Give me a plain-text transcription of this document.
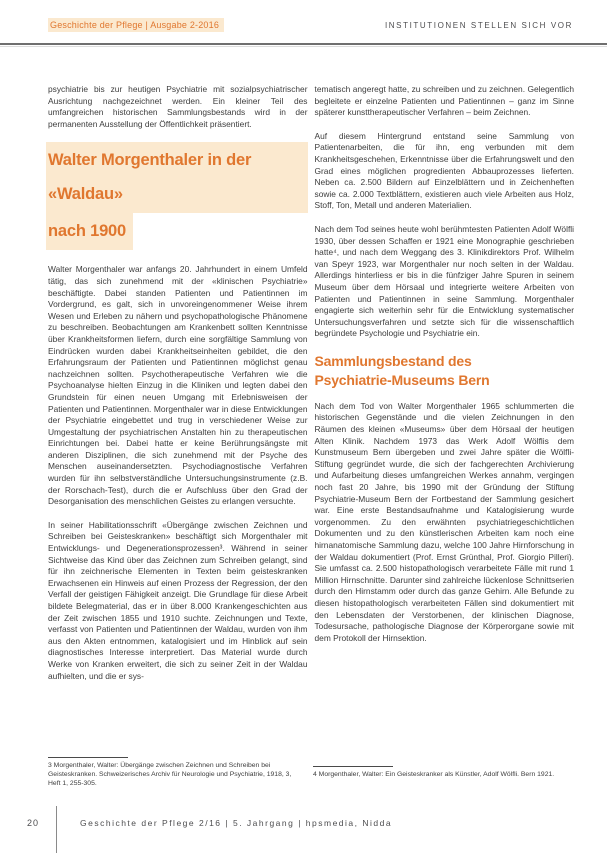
Geschichte der Pflege | Ausgabe 2-2016	INSTITUTIONEN STELLEN SICH VOR

psychiatrie bis zur heutigen Psychiatrie mit sozialpsychiatrischer Ausrichtung nachgezeichnet werden. Ein kleiner Teil des umfangreichen historischen Sammlungsbestands wird in der permanenten Ausstellung der Öffentlichkeit präsentiert.

Walter Morgenthaler in der «Waldau»
nach 1900

Walter Morgenthaler war anfangs 20. Jahrhundert in einem Umfeld tätig, das sich zunehmend mit der «klinischen Psychiatrie» beschäftigte. Dabei standen Patienten und Patientinnen im Vordergrund, es galt, sich in unvoreingenommener Weise ihrem Wesen und Erleben zu nähern und psychopathologische Phänomene zu beschreiben. Beobachtungen am Krankenbett sollten Kenntnisse über Krankheitsformen liefern, durch eine sorgfältige Sammlung von Eindrücken wurden dabei Krankheitseinheiten gebildet, die den Erfahrungsraum der Patienten und Patientinnen möglichst genau nachzeichnen sollten. Psychotherapeutische Verfahren wie die Psychoanalyse hielten Einzug in die Kliniken und legten dabei den Grundstein für einen neuen Umgang mit Erlebnisweisen der Patienten und Patientinnen. Morgenthaler war in diese Entwicklungen der Psychiatrie eingebettet und trug in verschiedener Weise zur Umgestaltung der psychiatrischen Anstalten hin zu therapeutischen Einrichtungen bei. Dabei hatte er keine Berührungsängste mit anderen Disziplinen, die sich zunehmend mit der Psyche des Menschen auseinandersetzten. Psychodiagnostische Verfahren wurden für ihn selbstverständliche Untersuchungsinstrumente (z.B. der Rorschach-Test), durch die er Aufschluss über den Grad der Desorganisation des menschlichen Geistes zu erlangen versuchte.

In seiner Habilitationsschrift «Übergänge zwischen Zeichnen und Schreiben bei Geisteskranken» beschäftigt sich Morgenthaler mit Entwicklungs- und Degenerationsprozessen³. Während in seiner Sichtweise das Kind über das Zeichnen zum Schreiben gelangt, sind für ihn zeichnerische Elementen in Texten beim geisteskranken Erwachsenen ein Hinweis auf einen Prozess der Regression, der den Verfall der geistigen Fähigkeit anzeigt. Die Grundlage für diese Arbeit bildete Belegmaterial, das er in über 8.000 Krankengeschichten aus der Zeit zwischen 1855 und 1910 suchte. Zeichnungen und Texte, verfasst von Patienten und Patientinnen der Waldau, wurden von ihm aus den Akten entnommen, katalogisiert und im Hinblick auf sein diagnostisches Interesse interpretiert. Das Material wurde durch Werke von Kranken erweitert, die sich zu seiner Zeit in der Waldau aufhielten, und die er sys-

tematisch angeregt hatte, zu schreiben und zu zeichnen. Gelegentlich begleitete er einzelne Patienten und Patientinnen – ganz im Sinne späterer kunsttherapeutischer Verfahren – beim Zeichnen.

Auf diesem Hintergrund entstand seine Sammlung von Patientenarbeiten, die für ihn, eng verbunden mit dem Krankheitsgeschehen, Erkenntnisse über die Erfahrungswelt und den Grad eines möglichen progredienten Abbauprozesses lieferten. Neben ca. 2.500 Bildern auf Einzelblättern und in Zeichenheften sowie ca. 2.000 Textblättern, existieren auch viele Arbeiten aus Holz, Stoff, Ton, Metall und anderen Materialien.

Nach dem Tod seines heute wohl berühmtesten Patienten Adolf Wölfli 1930, über dessen Schaffen er 1921 eine Monographie geschrieben hatte⁴, und nach dem Weggang des 3. Klinikdirektors Prof. Wilhelm van Speyr 1923, war Morgenthaler nur noch selten in der Waldau. Allerdings hinterliess er bis in die fünfziger Jahre Spuren in seinem Museum über dem Hörsaal und integrierte weitere Arbeiten von Patienten und Patientinnen in seine Sammlung. Morgenthaler engagierte sich weiterhin sehr für die Entwicklung systematischer Untersuchungsverfahren und setzte sich für die wissenschaftlich begründete Psychologie und Psychiatrie ein.

Sammlungsbestand des
Psychiatrie-Museums Bern

Nach dem Tod von Walter Morgenthaler 1965 schlummerten die historischen Gegenstände und die vielen Zeichnungen in den Räumen des kleinen «Museums» über dem Hörsaal der heutigen Alten Klinik. Nachdem 1973 das Werk Adolf Wölflis dem Kunstmuseum Bern übergeben und zwei Jahre später die Wölfli-Stiftung gegründet wurde, die sich der fachgerechten Archivierung und Aufarbeitung dieses umfangreichen Werkes annahm, vergingen noch fast 20 Jahre, bis 1990 mit der Gründung der Stiftung Psychiatrie-Museum Bern der Fortbestand der Sammlung gesichert war. Eine erste Bestandsaufnahme und Katalogisierung wurde vorgenommen. Zu den erwähnten psychiatriegeschichtlichen Dokumenten und zu den künstlerischen Arbeiten kam noch eine hirnanatomische Sammlung dazu, welche 100 Jahre Hirnforschung in der Waldau dokumentiert (Prof. Ernst Grünthal, Prof. Giorgio Pilleri). Sie umfasst ca. 2.500 histopathologisch verarbeitete Fälle mit rund 1 Million Hirnschnitte. Darunter sind zahlreiche lückenlose Schnittserien durch den Hirnstamm oder durch das ganze Gehirn. Alle Befunde zu diesen histopathologisch verarbeiteten Fällen sind dokumentiert mit den Lebensdaten der Verstorbenen, der klinischen Diagnose, Todesursache, pathologische Diagnose der Körperorgane sowie mit dem Protokoll der Hirnsektion.

3 Morgenthaler, Walter: Übergänge zwischen Zeichnen und Schreiben bei Geisteskranken. Schweizerisches Archiv für Neurologie und Psychiatrie, 1918, 3, Heft 1, 255-305.
4 Morgenthaler, Walter: Ein Geisteskranker als Künstler, Adolf Wölfli. Bern 1921.
20	Geschichte der Pflege 2/16 | 5. Jahrgang | hpsmedia, Nidda
